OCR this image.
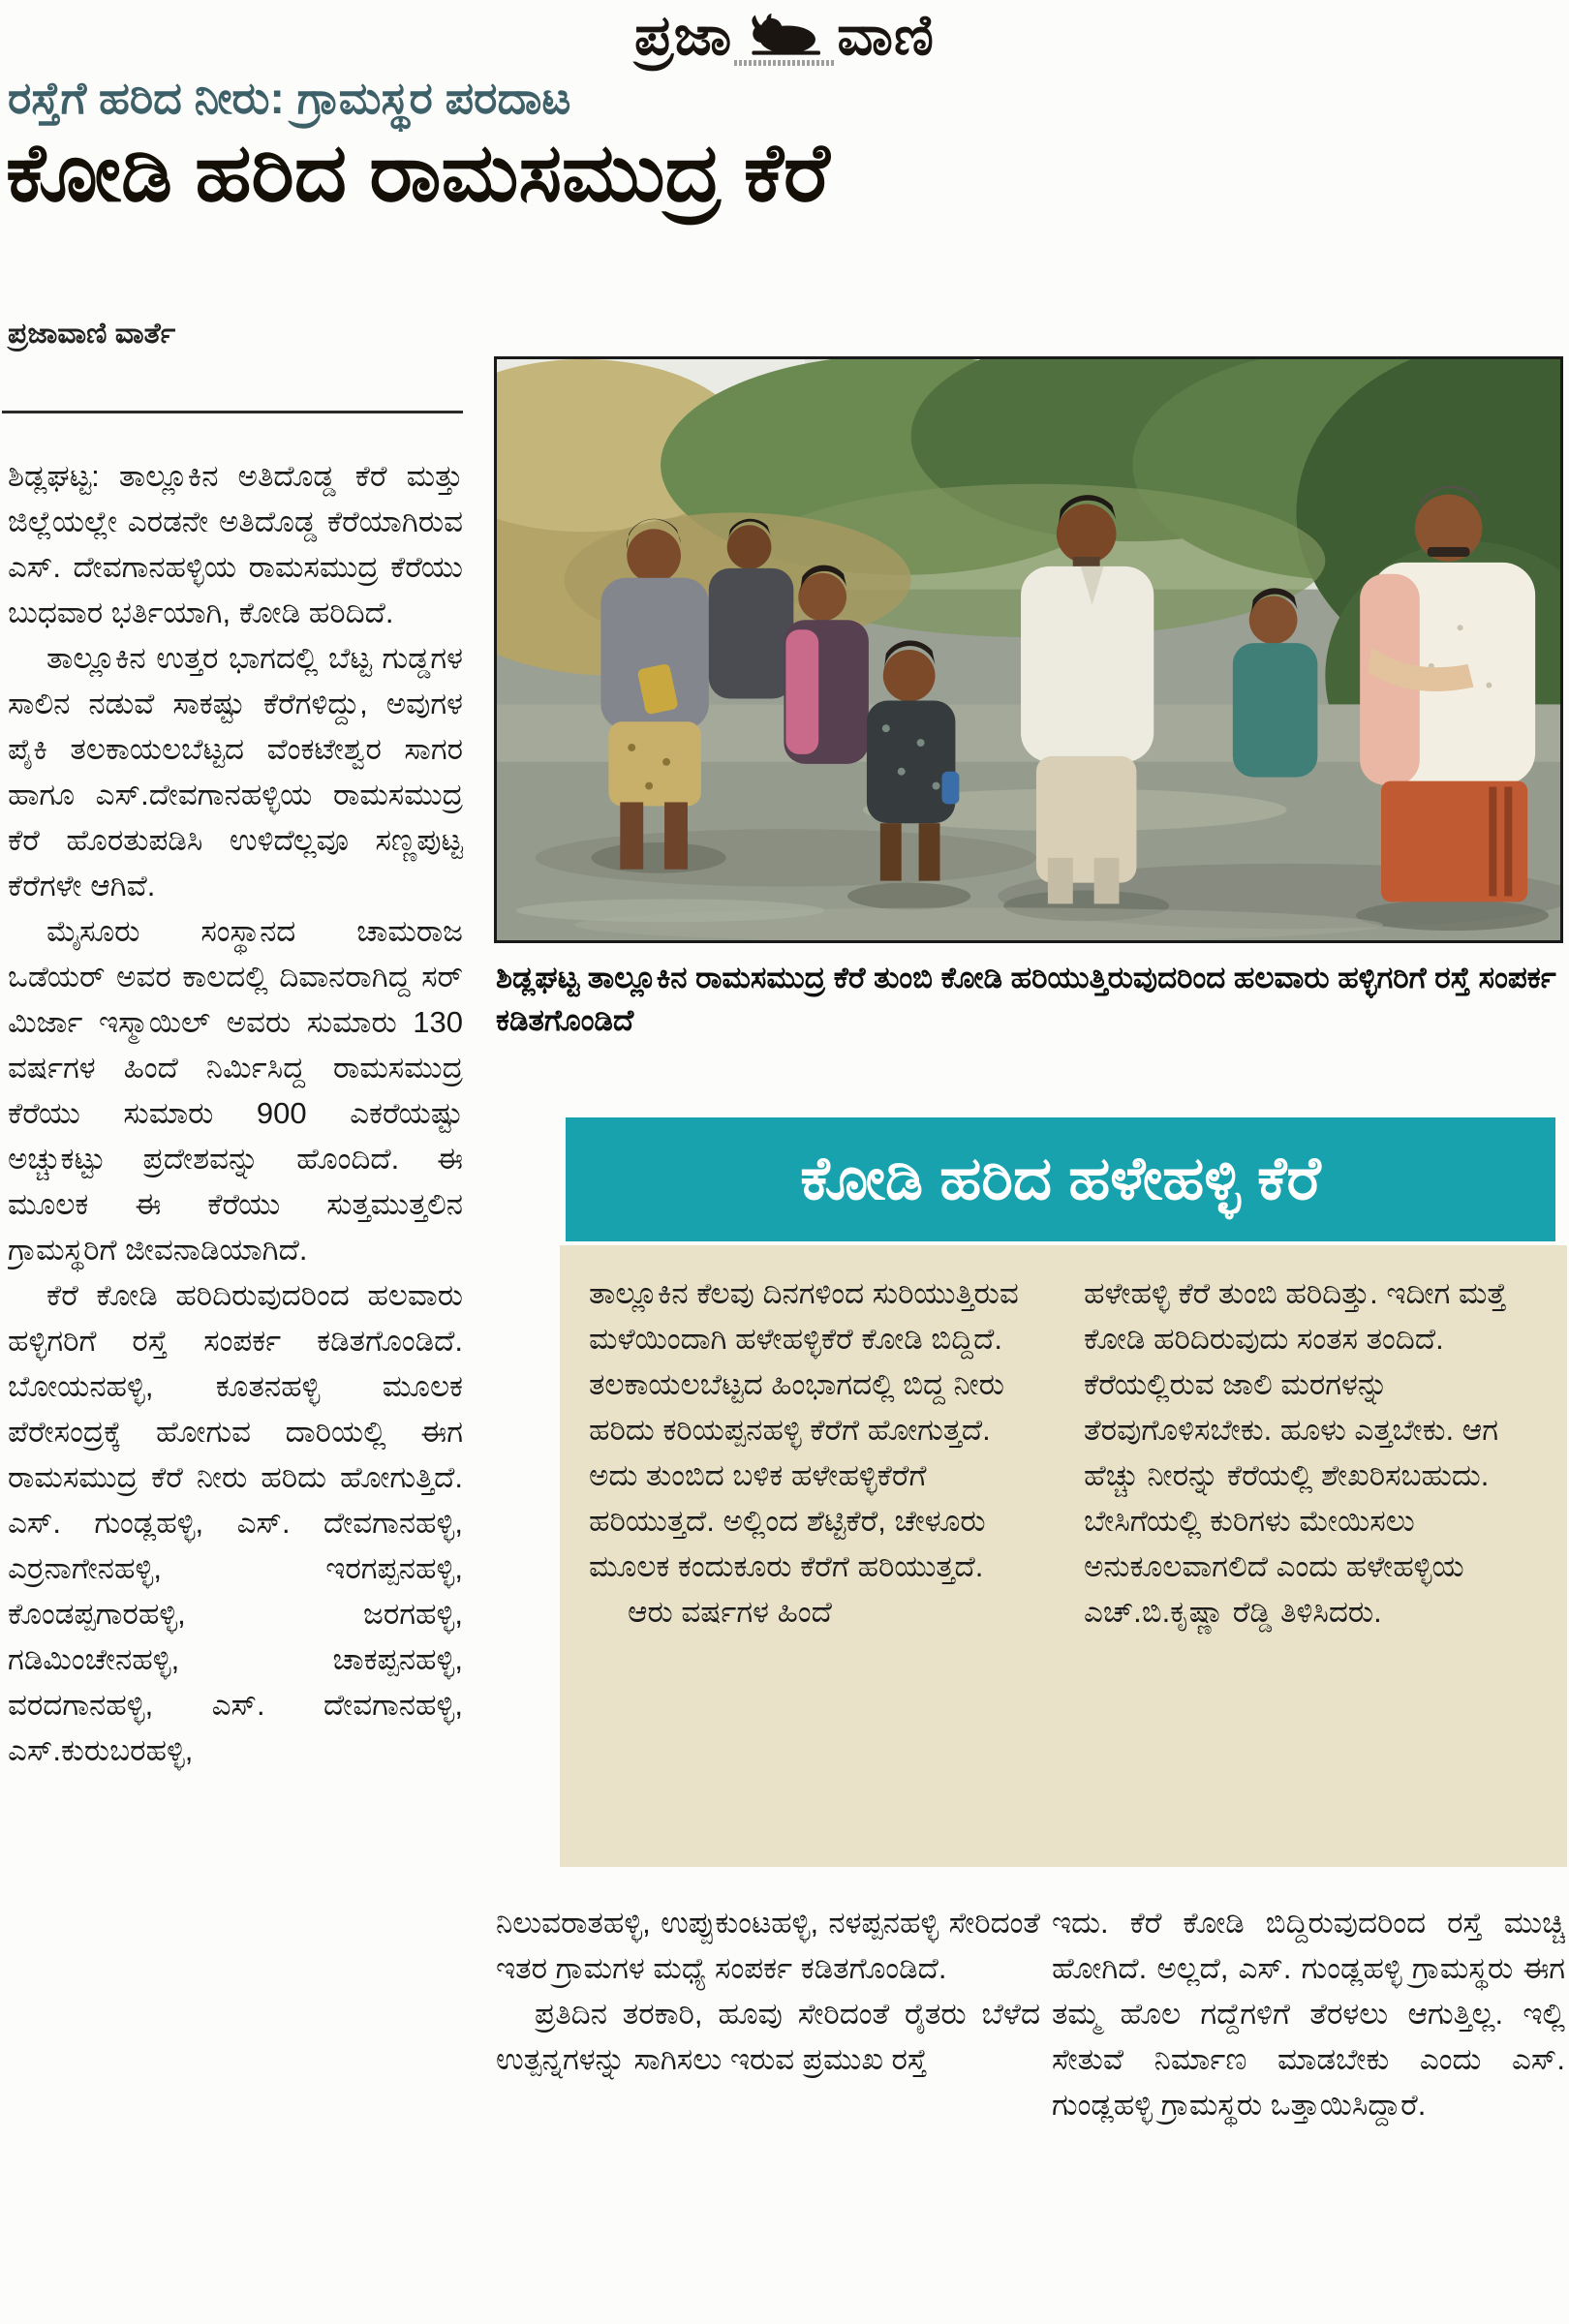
ಪ್ರಜಾ ವಾಣಿ
ರಸ್ತೆಗೆ ಹರಿದ ನೀರು: ಗ್ರಾಮಸ್ಥರ ಪರದಾಟ
ಕೋಡಿ ಹರಿದ ರಾಮಸಮುದ್ರ ಕೆರೆ
ಪ್ರಜಾವಾಣಿ ವಾರ್ತೆ

ಶಿಡ್ಲಘಟ್ಟ: ತಾಲ್ಲೂಕಿನ ಅತಿದೊಡ್ಡ ಕೆರೆ ಮತ್ತು ಜಿಲ್ಲೆಯಲ್ಲೇ ಎರಡನೇ ಅತಿದೊಡ್ಡ ಕೆರೆಯಾಗಿರುವ ಎಸ್. ದೇವಗಾನಹಳ್ಳಿಯ ರಾಮಸಮುದ್ರ ಕೆರೆಯು ಬುಧವಾರ ಭರ್ತಿಯಾಗಿ, ಕೋಡಿ ಹರಿದಿದೆ.

ತಾಲ್ಲೂಕಿನ ಉತ್ತರ ಭಾಗದಲ್ಲಿ ಬೆಟ್ಟ ಗುಡ್ಡಗಳ ಸಾಲಿನ ನಡುವೆ ಸಾಕಷ್ಟು ಕೆರೆಗಳಿದ್ದು, ಅವುಗಳ ಪೈಕಿ ತಲಕಾಯಲಬೆಟ್ಟದ ವೆಂಕಟೇಶ್ವರ ಸಾಗರ ಹಾಗೂ ಎಸ್.ದೇವಗಾನಹಳ್ಳಿಯ ರಾಮಸಮುದ್ರ ಕೆರೆ ಹೊರತುಪಡಿಸಿ ಉಳಿದೆಲ್ಲವೂ ಸಣ್ಣಪುಟ್ಟ ಕೆರೆಗಳೇ ಆಗಿವೆ.

ಮೈಸೂರು ಸಂಸ್ಥಾನದ ಚಾಮರಾಜ ಒಡೆಯರ್ ಅವರ ಕಾಲದಲ್ಲಿ ದಿವಾನರಾಗಿದ್ದ ಸರ್ ಮಿರ್ಜಾ ಇಸ್ಮಾಯಿಲ್ ಅವರು ಸುಮಾರು 130 ವರ್ಷಗಳ ಹಿಂದೆ ನಿರ್ಮಿಸಿದ್ದ ರಾಮಸಮುದ್ರ ಕೆರೆಯು ಸುಮಾರು 900 ಎಕರೆಯಷ್ಟು ಅಚ್ಚುಕಟ್ಟು ಪ್ರದೇಶವನ್ನು ಹೊಂದಿದೆ. ಈ ಮೂಲಕ ಈ ಕೆರೆಯು ಸುತ್ತಮುತ್ತಲಿನ ಗ್ರಾಮಸ್ಥರಿಗೆ ಜೀವನಾಡಿಯಾಗಿದೆ.

ಕೆರೆ ಕೋಡಿ ಹರಿದಿರುವುದರಿಂದ ಹಲವಾರು ಹಳ್ಳಿಗರಿಗೆ ರಸ್ತೆ ಸಂಪರ್ಕ ಕಡಿತಗೊಂಡಿದೆ. ಬೋಯನಹಳ್ಳಿ, ಕೂತನಹಳ್ಳಿ ಮೂಲಕ ಪೆರೇಸಂದ್ರಕ್ಕೆ ಹೋಗುವ ದಾರಿಯಲ್ಲಿ ಈಗ ರಾಮಸಮುದ್ರ ಕೆರೆ ನೀರು ಹರಿದು ಹೋಗುತ್ತಿದೆ. ಎಸ್. ಗುಂಡ್ಲಹಳ್ಳಿ, ಎಸ್. ದೇವಗಾನಹಳ್ಳಿ, ಎರ್ರನಾಗೇನಹಳ್ಳಿ, ಇರಗಪ್ಪನಹಳ್ಳಿ, ಕೊಂಡಪ್ಪಗಾರಹಳ್ಳಿ, ಜರಗಹಳ್ಳಿ, ಗಡಿಮಿಂಚೇನಹಳ್ಳಿ, ಚಾಕಪ್ಪನಹಳ್ಳಿ, ವರದಗಾನಹಳ್ಳಿ, ಎಸ್. ದೇವಗಾನಹಳ್ಳಿ, ಎಸ್.ಕುರುಬರಹಳ್ಳಿ,

ಶಿಡ್ಲಘಟ್ಟ ತಾಲ್ಲೂಕಿನ ರಾಮಸಮುದ್ರ ಕೆರೆ ತುಂಬಿ ಕೋಡಿ ಹರಿಯುತ್ತಿರುವುದರಿಂದ ಹಲವಾರು ಹಳ್ಳಿಗರಿಗೆ ರಸ್ತೆ ಸಂಪರ್ಕ ಕಡಿತಗೊಂಡಿದೆ
ಕೋಡಿ ಹರಿದ ಹಳೇಹಳ್ಳಿ ಕೆರೆ

ತಾಲ್ಲೂಕಿನ ಕೆಲವು ದಿನಗಳಿಂದ ಸುರಿಯುತ್ತಿರುವ ಮಳೆಯಿಂದಾಗಿ ಹಳೇಹಳ್ಳಿಕೆರೆ ಕೋಡಿ ಬಿದ್ದಿದೆ. ತಲಕಾಯಲಬೆಟ್ಟದ ಹಿಂಭಾಗದಲ್ಲಿ ಬಿದ್ದ ನೀರು ಹರಿದು ಕರಿಯಪ್ಪನಹಳ್ಳಿ ಕೆರೆಗೆ ಹೋಗುತ್ತದೆ. ಅದು ತುಂಬಿದ ಬಳಿಕ ಹಳೇಹಳ್ಳಿಕೆರೆಗೆ ಹರಿಯುತ್ತದೆ. ಅಲ್ಲಿಂದ ಶೆಟ್ಟಿಕೆರೆ, ಚೇಳೂರು ಮೂಲಕ ಕಂದುಕೂರು ಕೆರೆಗೆ ಹರಿಯುತ್ತದೆ.

ಆರು ವರ್ಷಗಳ ಹಿಂದೆ

ಹಳೇಹಳ್ಳಿ ಕೆರೆ ತುಂಬಿ ಹರಿದಿತ್ತು. ಇದೀಗ ಮತ್ತೆ ಕೋಡಿ ಹರಿದಿರುವುದು ಸಂತಸ ತಂದಿದೆ. ಕೆರೆಯಲ್ಲಿರುವ ಜಾಲಿ ಮರಗಳನ್ನು ತೆರವುಗೊಳಿಸಬೇಕು. ಹೂಳು ಎತ್ತಬೇಕು. ಆಗ ಹೆಚ್ಚು ನೀರನ್ನು ಕೆರೆಯಲ್ಲಿ ಶೇಖರಿಸಬಹುದು. ಬೇಸಿಗೆಯಲ್ಲಿ ಕುರಿಗಳು ಮೇಯಿಸಲು ಅನುಕೂಲವಾಗಲಿದೆ ಎಂದು ಹಳೇಹಳ್ಳಿಯ ಎಚ್.ಬಿ.ಕೃಷ್ಣಾ ರೆಡ್ಡಿ ತಿಳಿಸಿದರು.

ನಿಲುವರಾತಹಳ್ಳಿ, ಉಪ್ಪುಕುಂಟಹಳ್ಳಿ, ನಳಪ್ಪನಹಳ್ಳಿ ಸೇರಿದಂತೆ ಇತರ ಗ್ರಾಮಗಳ ಮಧ್ಯೆ ಸಂಪರ್ಕ ಕಡಿತಗೊಂಡಿದೆ.

ಪ್ರತಿದಿನ ತರಕಾರಿ, ಹೂವು ಸೇರಿದಂತೆ ರೈತರು ಬೆಳೆದ ಉತ್ಪನ್ನಗಳನ್ನು ಸಾಗಿಸಲು ಇರುವ ಪ್ರಮುಖ ರಸ್ತೆ

ಇದು. ಕೆರೆ ಕೋಡಿ ಬಿದ್ದಿರುವುದರಿಂದ ರಸ್ತೆ ಮುಚ್ಚಿ ಹೋಗಿದೆ. ಅಲ್ಲದೆ, ಎಸ್. ಗುಂಡ್ಲಹಳ್ಳಿ ಗ್ರಾಮಸ್ಥರು ಈಗ ತಮ್ಮ ಹೊಲ ಗದ್ದೆಗಳಿಗೆ ತೆರಳಲು ಆಗುತ್ತಿಲ್ಲ. ಇಲ್ಲಿ ಸೇತುವೆ ನಿರ್ಮಾಣ ಮಾಡಬೇಕು ಎಂದು ಎಸ್. ಗುಂಡ್ಲಹಳ್ಳಿ ಗ್ರಾಮಸ್ಥರು ಒತ್ತಾಯಿಸಿದ್ದಾರೆ.
